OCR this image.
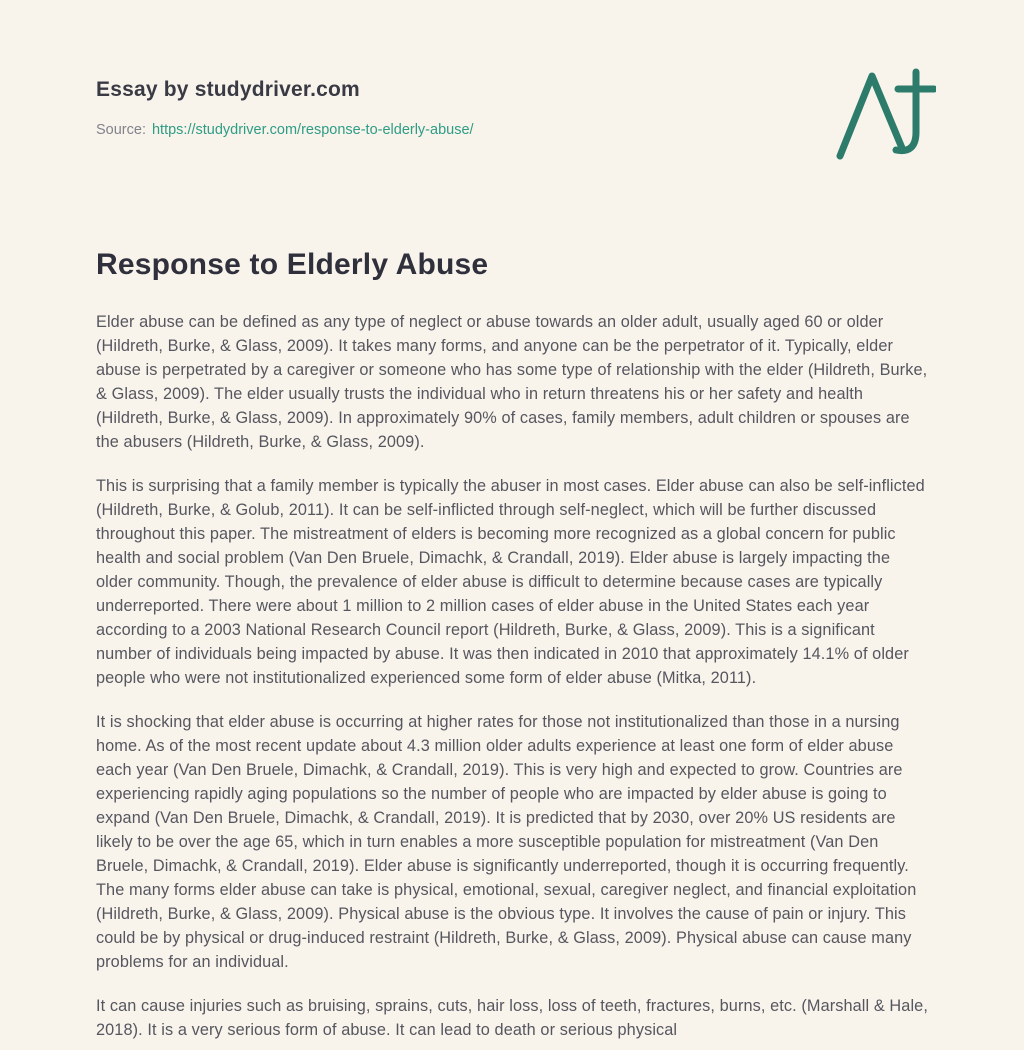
Essay by studydriver.com
Source: https://studydriver.com/response-to-elderly-abuse/
Response to Elderly Abuse

Elder abuse can be defined as any type of neglect or abuse towards an older adult, usually aged 60 or older (Hildreth, Burke, & Glass, 2009). It takes many forms, and anyone can be the perpetrator of it. Typically, elder abuse is perpetrated by a caregiver or someone who has some type of relationship with the elder (Hildreth, Burke, & Glass, 2009). The elder usually trusts the individual who in return threatens his or her safety and health (Hildreth, Burke, & Glass, 2009). In approximately 90% of cases, family members, adult children or spouses are the abusers (Hildreth, Burke, & Glass, 2009).

This is surprising that a family member is typically the abuser in most cases. Elder abuse can also be self-inflicted (Hildreth, Burke, & Golub, 2011). It can be self-inflicted through self-neglect, which will be further discussed throughout this paper. The mistreatment of elders is becoming more recognized as a global concern for public health and social problem (Van Den Bruele, Dimachk, & Crandall, 2019). Elder abuse is largely impacting the older community. Though, the prevalence of elder abuse is difficult to determine because cases are typically underreported. There were about 1 million to 2 million cases of elder abuse in the United States each year according to a 2003 National Research Council report (Hildreth, Burke, & Glass, 2009). This is a significant number of individuals being impacted by abuse. It was then indicated in 2010 that approximately 14.1% of older people who were not institutionalized experienced some form of elder abuse (Mitka, 2011).

It is shocking that elder abuse is occurring at higher rates for those not institutionalized than those in a nursing home. As of the most recent update about 4.3 million older adults experience at least one form of elder abuse each year (Van Den Bruele, Dimachk, & Crandall, 2019). This is very high and expected to grow. Countries are experiencing rapidly aging populations so the number of people who are impacted by elder abuse is going to expand (Van Den Bruele, Dimachk, & Crandall, 2019). It is predicted that by 2030, over 20% US residents are likely to be over the age 65, which in turn enables a more susceptible population for mistreatment (Van Den Bruele, Dimachk, & Crandall, 2019). Elder abuse is significantly underreported, though it is occurring frequently. The many forms elder abuse can take is physical, emotional, sexual, caregiver neglect, and financial exploitation (Hildreth, Burke, & Glass, 2009). Physical abuse is the obvious type. It involves the cause of pain or injury. This could be by physical or drug-induced restraint (Hildreth, Burke, & Glass, 2009). Physical abuse can cause many problems for an individual.

It can cause injuries such as bruising, sprains, cuts, hair loss, loss of teeth, fractures, burns, etc. (Marshall & Hale, 2018). It is a very serious form of abuse. It can lead to death or serious physical
